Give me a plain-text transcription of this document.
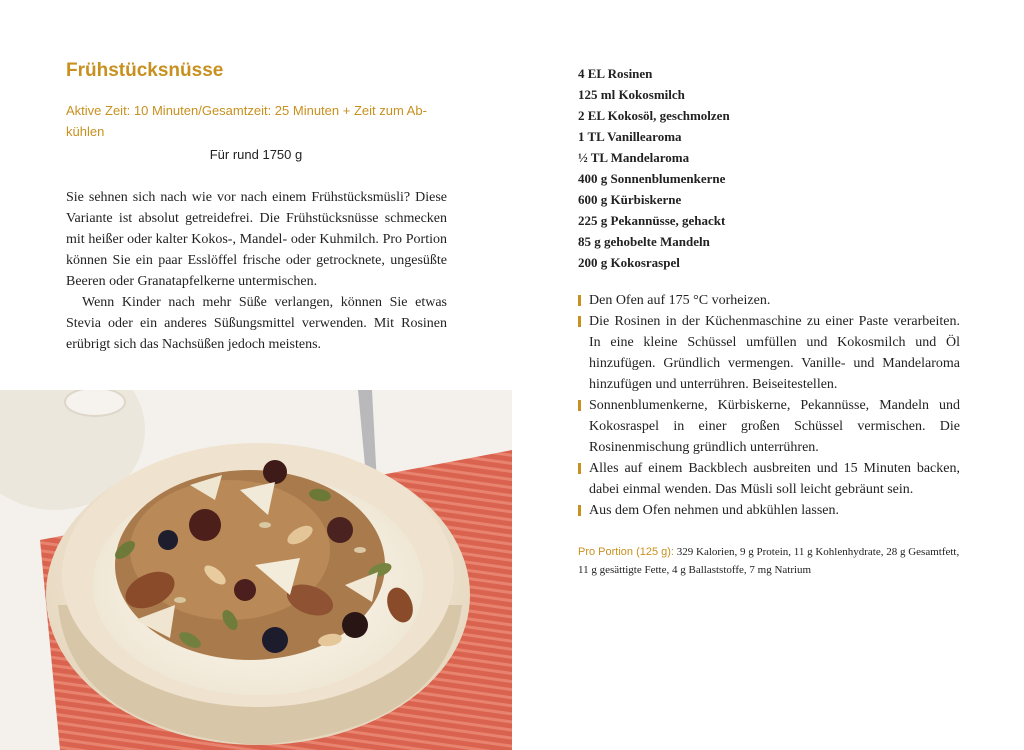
Frühstücksnüsse
Aktive Zeit: 10 Minuten/Gesamtzeit: 25 Minuten + Zeit zum Ab-
kühlen
Für rund 1750 g

Sie sehnen sich nach wie vor nach einem Frühstücksmüsli? Diese Variante ist absolut getreidefrei. Die Frühstücksnüsse schmecken mit heißer oder kalter Kokos-, Mandel- oder Kuhmilch. Pro Portion können Sie ein paar Esslöffel frische oder getrocknete, ungesüßte Beeren oder Granatapfelkerne untermischen.

Wenn Kinder nach mehr Süße verlangen, können Sie etwas Stevia oder ein anderes Süßungsmittel verwenden. Mit Rosinen erübrigt sich das Nachsüßen jedoch meistens.

4 EL Rosinen
125 ml Kokosmilch
2 EL Kokosöl, geschmolzen
1 TL Vanillearoma
½ TL Mandelaroma
400 g Sonnenblumenkerne
600 g Kürbiskerne
225 g Pekannüsse, gehackt
85 g gehobelte Mandeln
200 g Kokosraspel
Den Ofen auf 175 °C vorheizen.
Die Rosinen in der Küchenmaschine zu einer Paste verarbeiten. In eine kleine Schüssel umfüllen und Kokosmilch und Öl hinzufügen. Gründlich vermengen. Vanille- und Mandelaroma hinzufügen und unterrühren. Beiseitestellen.
Sonnenblumenkerne, Kürbiskerne, Pekannüsse, Mandeln und Kokosraspel in einer großen Schüssel vermischen. Die Rosinenmischung gründlich unterrühren.
Alles auf einem Backblech ausbreiten und 15 Minuten backen, dabei einmal wenden. Das Müsli soll leicht gebräunt sein.
Aus dem Ofen nehmen und abkühlen lassen.
Pro Portion (125 g): 329 Kalorien, 9 g Protein, 11 g Kohlenhydrate, 28 g Gesamtfett, 11 g gesättigte Fette, 4 g Ballaststoffe, 7 mg Natrium
